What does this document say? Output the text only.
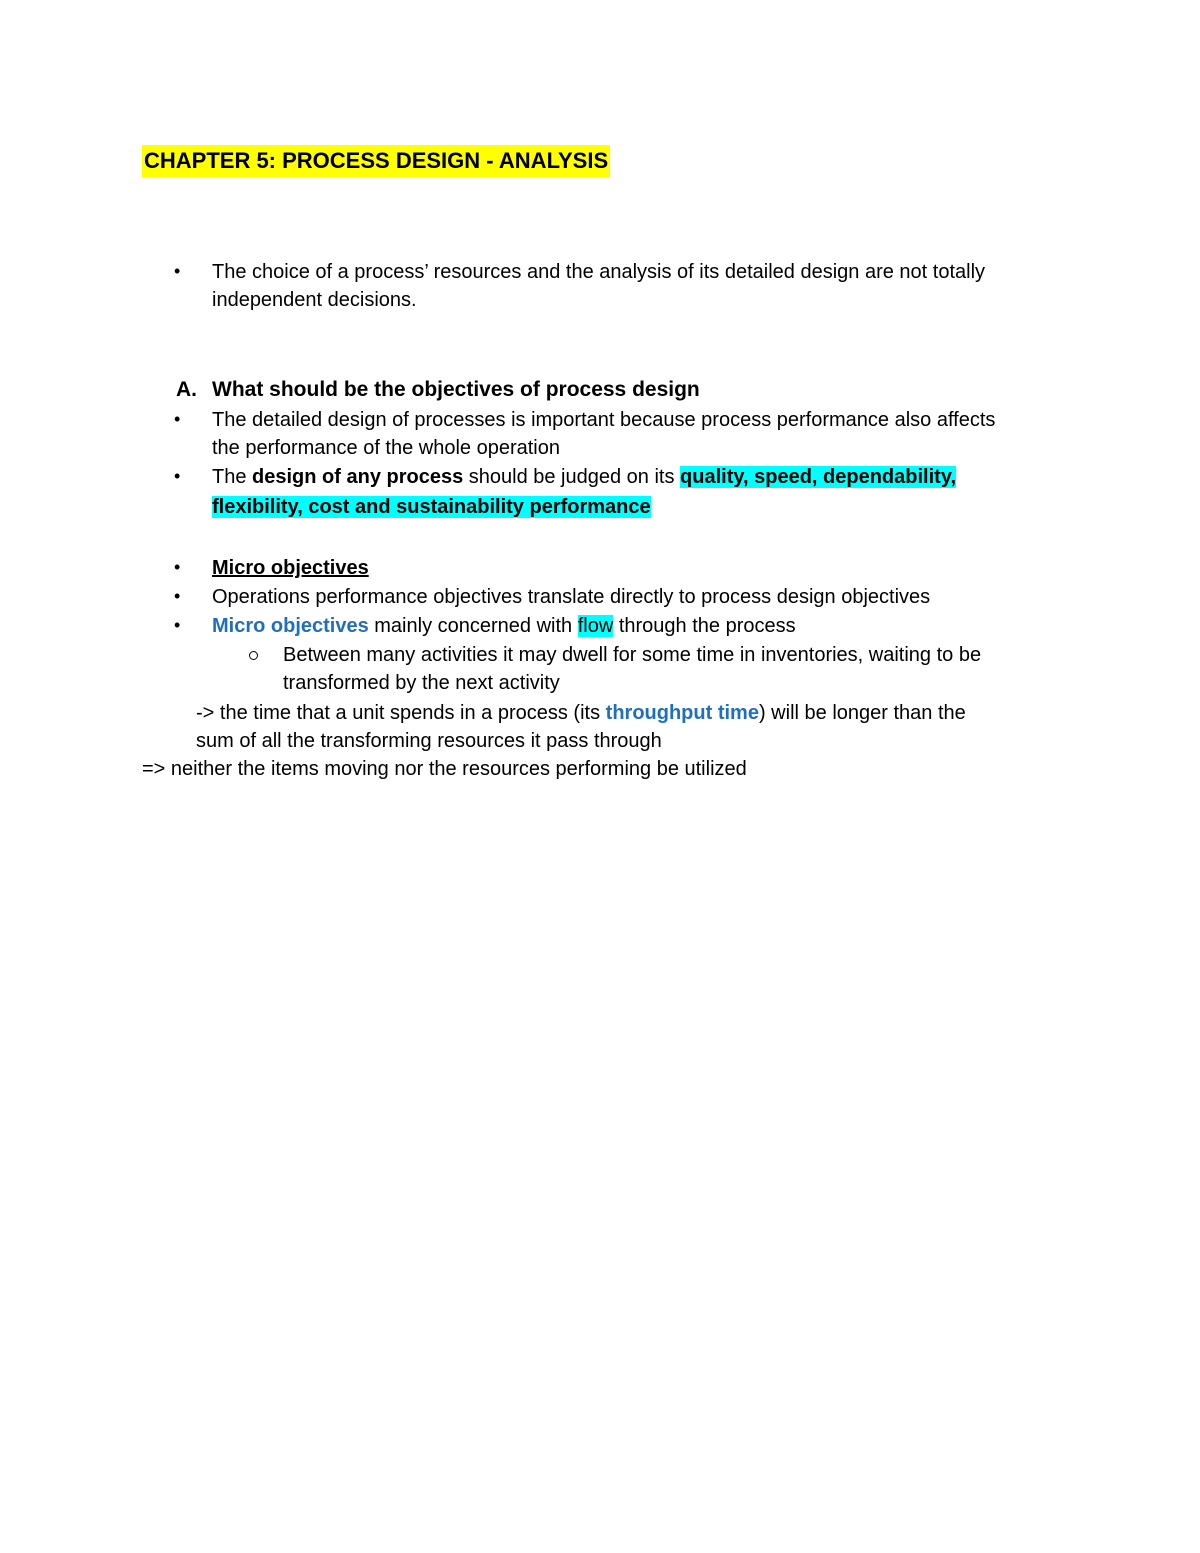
CHAPTER 5: PROCESS DESIGN - ANALYSIS
• The choice of a process’ resources and the analysis of its detailed design are not totally
independent decisions.
A. What should be the objectives of process design
• The detailed design of processes is important because process performance also affects
the performance of the whole operation
• The design of any process should be judged on its quality, speed, dependability,
flexibility, cost and sustainability performance
• Micro objectives
• Operations performance objectives translate directly to process design objectives
• Micro objectives mainly concerned with flow through the process
Between many activities it may dwell for some time in inventories, waiting to be
transformed by the next activity
-> the time that a unit spends in a process (its throughput time) will be longer than the
sum of all the transforming resources it pass through
=> neither the items moving nor the resources performing be utilized
